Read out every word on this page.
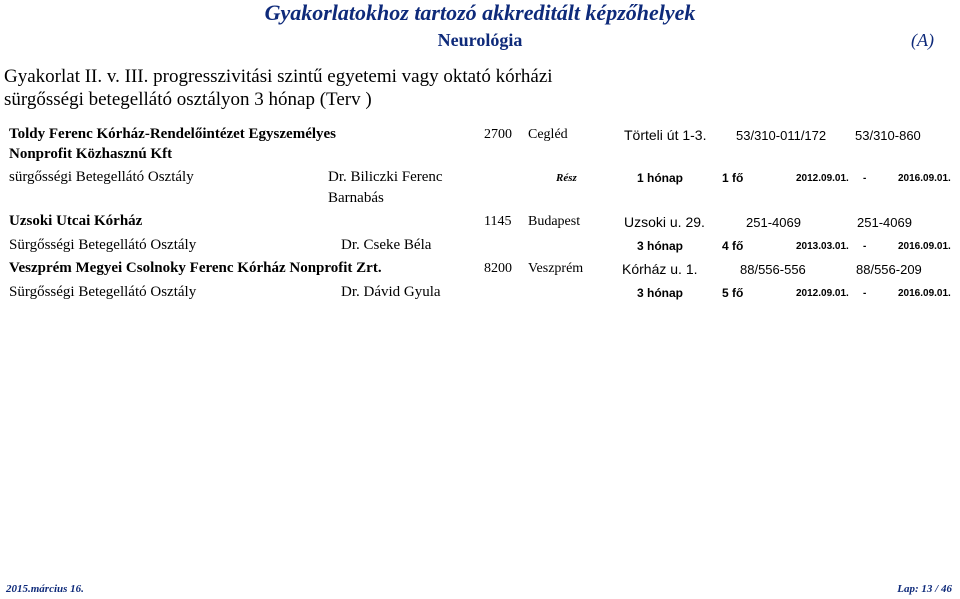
Gyakorlatokhoz tartozó akkreditált képzőhelyek
Neurológia	(A)
Gyakorlat II. v. III. progresszivitási szintű egyetemi vagy oktató kórházi
sürgősségi betegellátó osztályon 3 hónap (Terv )
Toldy Ferenc Kórház-Rendelőintézet Egyszemélyes
Nonprofit Közhasznú Kft
2700 Cegléd	Törteli út 1-3. 53/310-011/172 53/310-860
sürgősségi Betegellátó Osztály	Dr. Biliczki Ferenc
Barnabás
Rész	1 hónap	1 fő	2012.09.01. -	2016.09.01.
Uzsoki Utcai Kórház	1145 Budapest	Uzsoki u. 29.	251-4069	251-4069
Sürgősségi Betegellátó Osztály	Dr. Cseke Béla	3 hónap	4 fő	2013.03.01. -	2016.09.01.
Veszprém Megyei Csolnoky Ferenc Kórház Nonprofit Zrt.	8200 Veszprém	Kórház u. 1.	88/556-556	88/556-209
Sürgősségi Betegellátó Osztály	Dr. Dávid Gyula	3 hónap	5 fő	2012.09.01. -	2016.09.01.
2015.március 16.	Lap: 13 / 46
